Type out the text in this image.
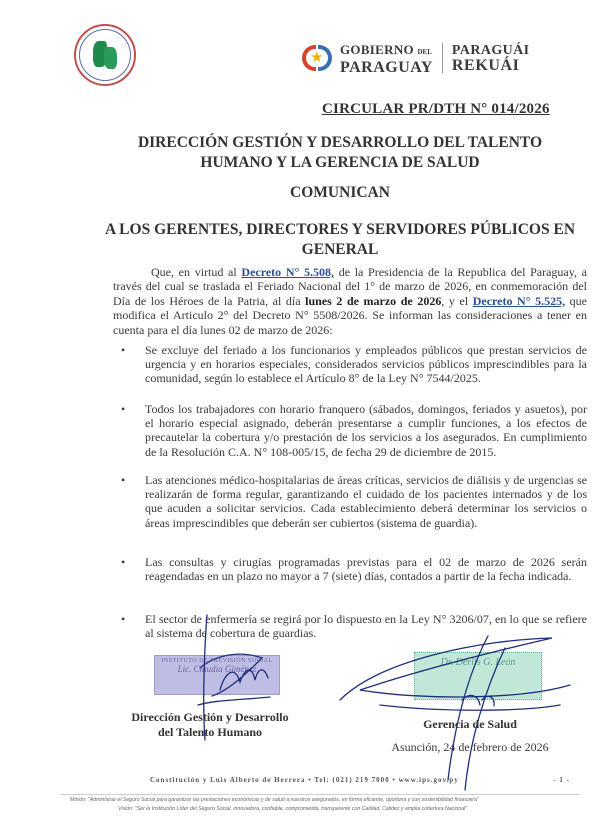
★
GOBIERNO DEL
PARAGUAY
PARAGUÁI
REKUÁI
CIRCULAR PR/DTH N° 014/2026
DIRECCIÓN GESTIÓN Y DESARROLLO DEL TALENTO HUMANO Y LA GERENCIA DE SALUD
COMUNICAN
A LOS GERENTES, DIRECTORES Y SERVIDORES PÚBLICOS EN GENERAL

Que, en virtud al Decreto N° 5.508, de la Presidencia de la Republica del Paraguay, a través del cual se traslada el Feriado Nacional del 1° de marzo de 2026, en conmemoración del Día de los Héroes de la Patria, al día lunes 2 de marzo de 2026, y el Decreto N° 5.525, que modifica el Articulo 2° del Decreto N° 5508/2026. Se informan las consideraciones a tener en cuenta para el día lunes 02 de marzo de 2026:

• Se excluye del feriado a los funcionarios y empleados públicos que prestan servicios de urgencia y en horarios especiales, considerados servicios públicos imprescindibles para la comunidad, según lo establece el Artículo 8° de la Ley N° 7544/2025.
• Todos los trabajadores con horario franquero (sábados, domingos, feriados y asuetos), por el horario especial asignado, deberán presentarse a cumplir funciones, a los efectos de precautelar la cobertura y/o prestación de los servicios a los asegurados. En cumplimiento de la Resolución C.A. N° 108-005/15, de fecha 29 de diciembre de 2015.
• Las atenciones médico-hospitalarias de áreas críticas, servicios de diálisis y de urgencias se realizarán de forma regular, garantizando el cuidado de los pacientes internados y de los que acuden a solicitar servicios. Cada establecimiento deberá determinar los servicios o áreas imprescindibles que deberán ser cubiertos (sistema de guardia).
• Las consultas y cirugías programadas previstas para el 02 de marzo de 2026 serán reagendadas en un plazo no mayor a 7 (siete) días, contados a partir de la fecha indicada.
• El sector de enfermería se regirá por lo dispuesto en la Ley N° 3206/07, en lo que se refiere al sistema de cobertura de guardias.
INSTITUTO DE PREVISIÓN SOCIAL
Lic. Claudia Giménez
Dr. Derlis G. León
Dirección Gestión y Desarrollo
del Talento Humano
Gerencia de Salud
Asunción, 24 de febrero de 2026
Constitución y Luis Alberto de Herrera • Tel: (021) 219 7000 • www.ips.gov.py	- 1 -
Misión: "Administrar el Seguro Social para garantizar las prestaciones económicas y de salud a nuestros asegurados, en forma eficiente, oportuna y con sostenibilidad financiera"
Visión: "Ser la Institución Líder del Seguro Social, innovadora, confiable, comprometida, transparente con Calidad, Calidez y amplia cobertura Nacional"
